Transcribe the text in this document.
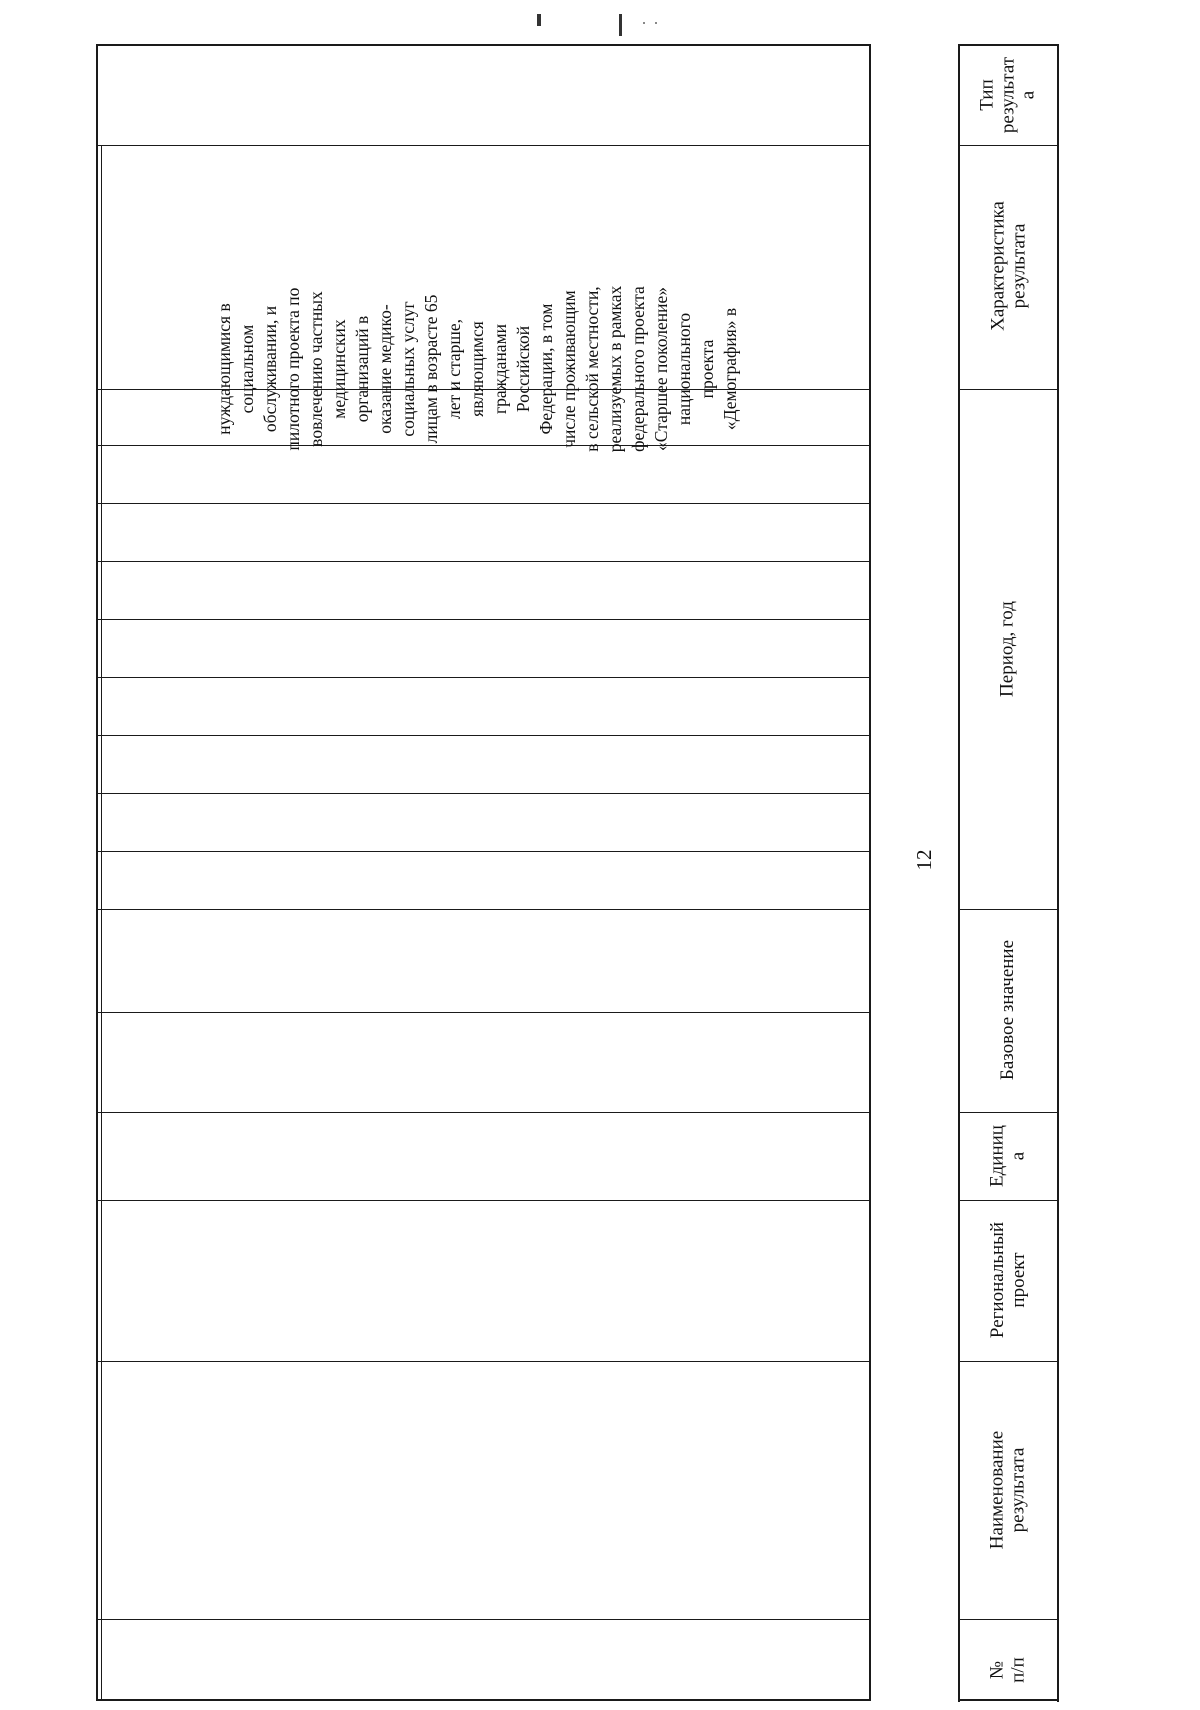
нуждающимися в социальном обслуживании, и пилотного проекта по вовлечению частных медицинских организаций в оказание медико- социальных услуг лицам в возрасте 65 лет и старше, являющимся гражданами Российской Федерации, в том числе проживающим в сельской местности, реализуемых в рамках федерального проекта «Старшее поколение» национального проекта «Демография» в
12
Тип результат а
Характеристика результата
Период, год
Базовое значение
Единиц а
Региональный проект
Наименование результата
№ п/п
